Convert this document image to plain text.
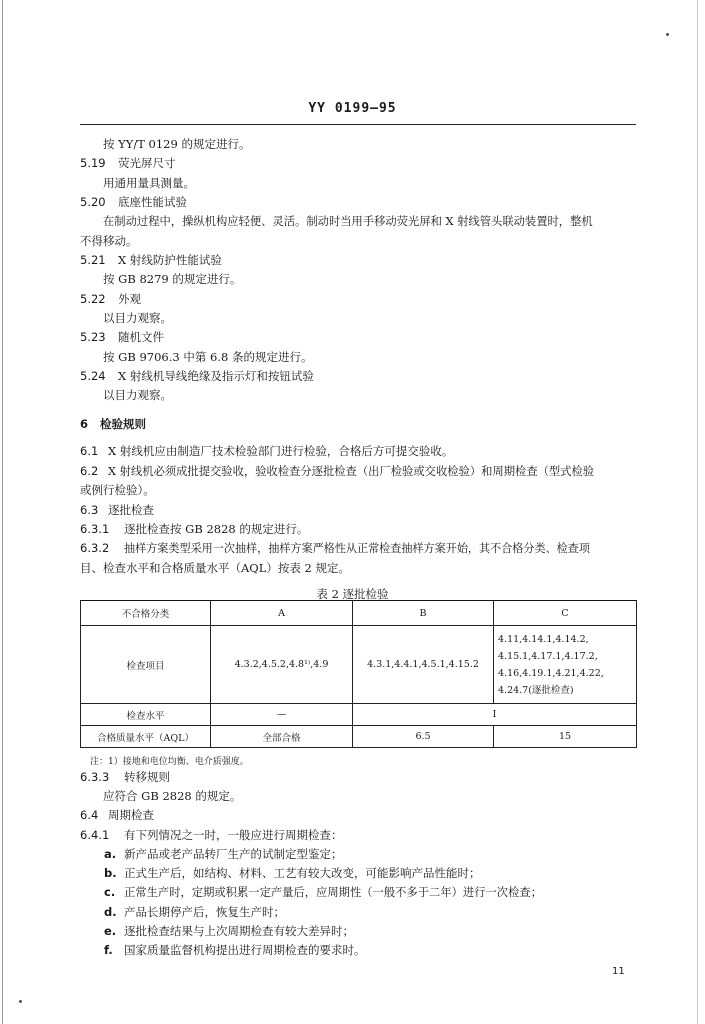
YY 0199—95
按 YY/T 0129 的规定进行。
5.19 荧光屏尺寸
用通用量具测量。
5.20 底座性能试验
在制动过程中，操纵机构应轻便、灵活。制动时当用手移动荧光屏和 X 射线管头联动装置时，整机
不得移动。
5.21 X 射线防护性能试验
按 GB 8279 的规定进行。
5.22 外观
以目力观察。
5.23 随机文件
按 GB 9706.3 中第 6.8 条的规定进行。
5.24 X 射线机导线绝缘及指示灯和按钮试验
以目力观察。
6 检验规则
6.1 X 射线机应由制造厂技术检验部门进行检验，合格后方可提交验收。
6.2 X 射线机必须成批提交验收，验收检查分逐批检查（出厂检验或交收检验）和周期检查（型式检验
或例行检验）。
6.3 逐批检查
6.3.1 逐批检查按 GB 2828 的规定进行。
6.3.2 抽样方案类型采用一次抽样，抽样方案严格性从正常检查抽样方案开始，其不合格分类、检查项
目、检查水平和合格质量水平（AQL）按表 2 规定。
表 2 逐批检验
不合格分类	A	B	C
检查项目	4.3.2,4.5.2,4.8¹⁾,4.9	4.3.1,4.4.1,4.5.1,4.15.2	4.11,4.14.1,4.14.2,
4.15.1,4.17.1,4.17.2,
4.16,4.19.1,4.21,4.22,
4.24.7(逐批检查)

检查水平	—	Ⅰ	
合格质量水平（AQL）	全部合格	6.5	15
注：1）接地和电位均衡、电介质强度。
6.3.3 转移规则
应符合 GB 2828 的规定。
6.4 周期检查
6.4.1 有下列情况之一时，一般应进行周期检查：
a. 新产品或老产品转厂生产的试制定型鉴定；
b. 正式生产后，如结构、材料、工艺有较大改变，可能影响产品性能时；
c. 正常生产时，定期或积累一定产量后，应周期性（一般不多于二年）进行一次检查；
d. 产品长期停产后，恢复生产时；
e. 逐批检查结果与上次周期检查有较大差异时；
f. 国家质量监督机构提出进行周期检查的要求时。
11
